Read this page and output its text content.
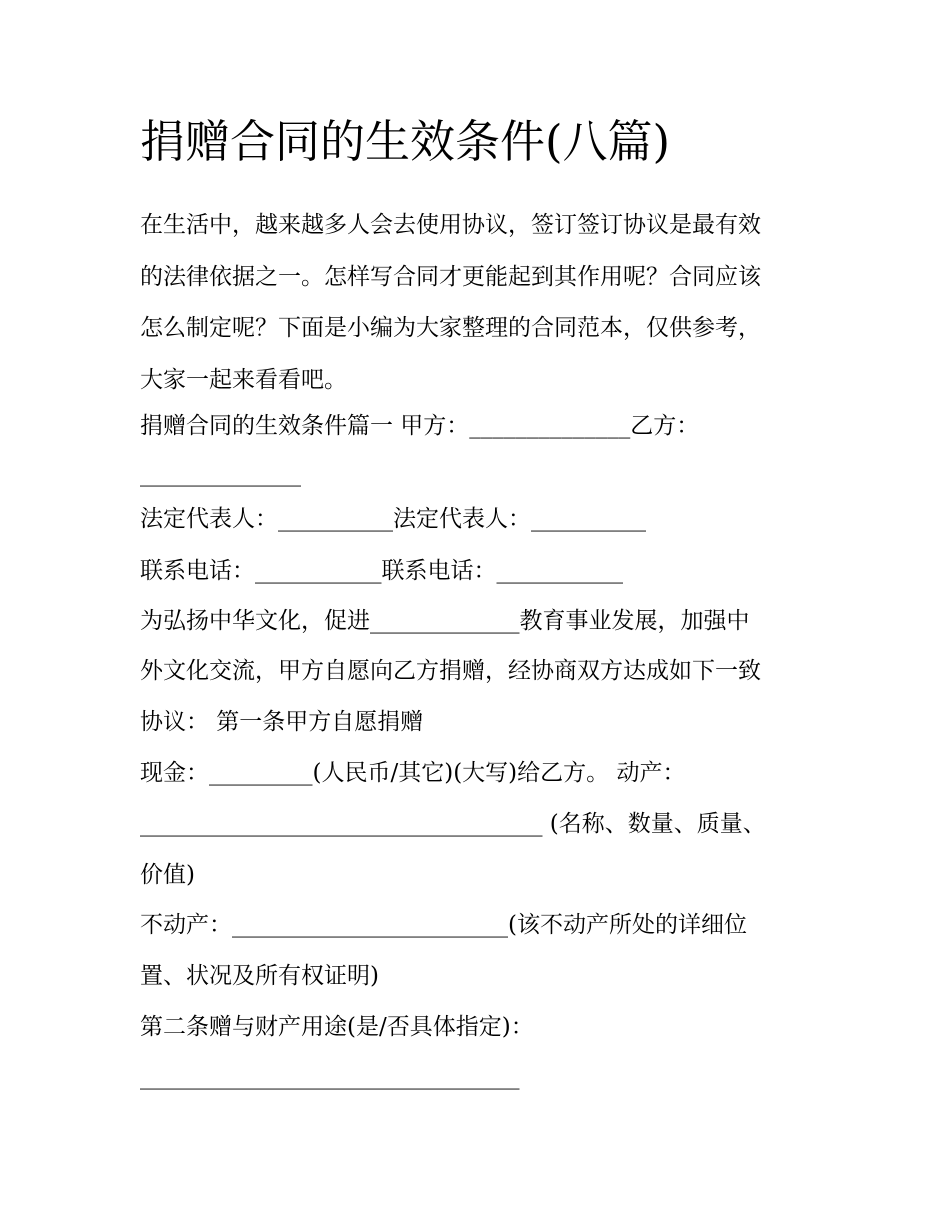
捐赠合同的生效条件(八篇)
在生活中，越来越多人会去使用协议，签订签订协议是最有效
的法律依据之一。怎样写合同才更能起到其作用呢？合同应该
怎么制定呢？下面是小编为大家整理的合同范本，仅供参考，
大家一起来看看吧。
捐赠合同的生效条件篇一 甲方：______________乙方：
______________
法定代表人：__________法定代表人：__________
联系电话：___________联系电话：___________
为弘扬中华文化，促进_____________教育事业发展，加强中
外文化交流，甲方自愿向乙方捐赠，经协商双方达成如下一致
协议： 第一条甲方自愿捐赠
现金：_________(人民币/其它)(大写)给乙方。 动产：
___________________________________ (名称、数量、质量、
价值)
不动产：________________________(该不动产所处的详细位
置、状况及所有权证明)
第二条赠与财产用途(是/否具体指定)：
_________________________________
